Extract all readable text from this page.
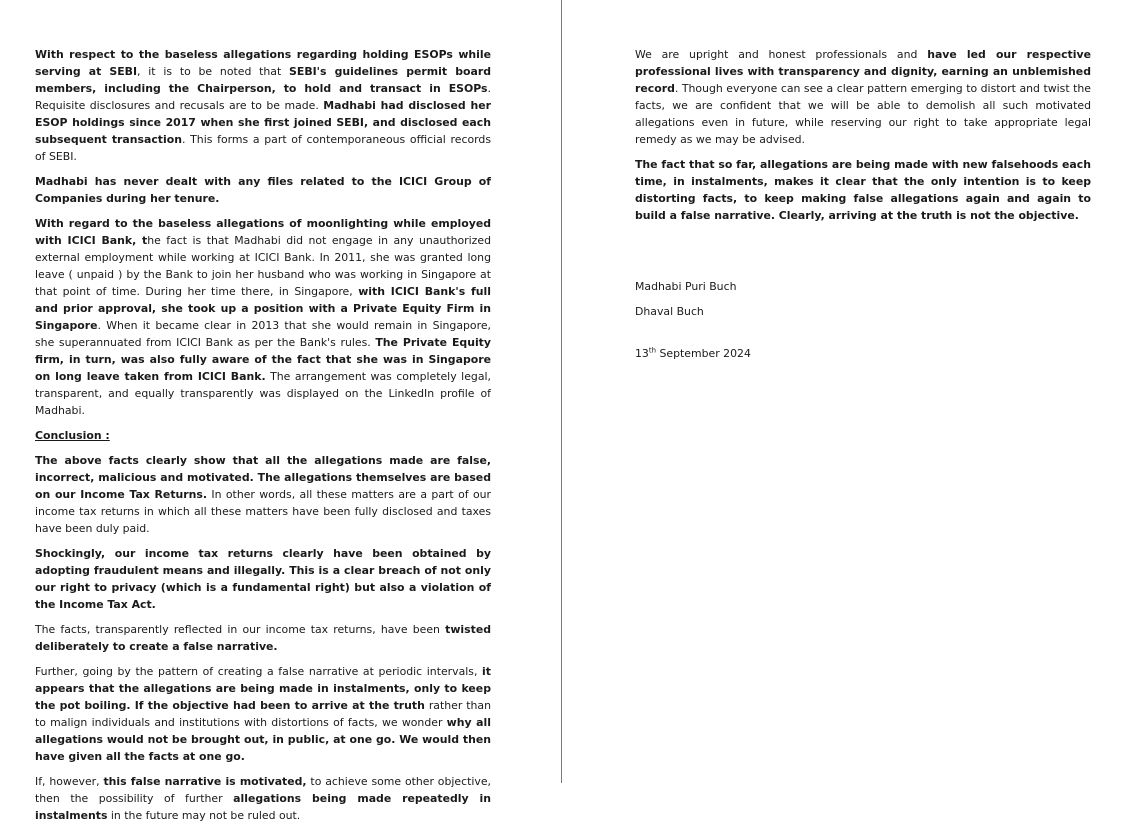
With respect to the baseless allegations regarding holding ESOPs while serving at SEBI, it is to be noted that SEBI's guidelines permit board members, including the Chairperson, to hold and transact in ESOPs. Requisite disclosures and recusals are to be made. Madhabi had disclosed her ESOP holdings since 2017 when she first joined SEBI, and disclosed each subsequent transaction. This forms a part of contemporaneous official records of SEBI.

Madhabi has never dealt with any files related to the ICICI Group of Companies during her tenure.

With regard to the baseless allegations of moonlighting while employed with ICICI Bank, the fact is that Madhabi did not engage in any unauthorized external employment while working at ICICI Bank. In 2011, she was granted long leave ( unpaid ) by the Bank to join her husband who was working in Singapore at that point of time. During her time there, in Singapore, with ICICI Bank's full and prior approval, she took up a position with a Private Equity Firm in Singapore. When it became clear in 2013 that she would remain in Singapore, she superannuated from ICICI Bank as per the Bank's rules. The Private Equity firm, in turn, was also fully aware of the fact that she was in Singapore on long leave taken from ICICI Bank. The arrangement was completely legal, transparent, and equally transparently was displayed on the LinkedIn profile of Madhabi.

Conclusion :

The above facts clearly show that all the allegations made are false, incorrect, malicious and motivated. The allegations themselves are based on our Income Tax Returns. In other words, all these matters are a part of our income tax returns in which all these matters have been fully disclosed and taxes have been duly paid.

Shockingly, our income tax returns clearly have been obtained by adopting fraudulent means and illegally. This is a clear breach of not only our right to privacy (which is a fundamental right) but also a violation of the Income Tax Act.

The facts, transparently reflected in our income tax returns, have been twisted deliberately to create a false narrative.

Further, going by the pattern of creating a false narrative at periodic intervals, it appears that the allegations are being made in instalments, only to keep the pot boiling. If the objective had been to arrive at the truth rather than to malign individuals and institutions with distortions of facts, we wonder why all allegations would not be brought out, in public, at one go. We would then have given all the facts at one go.

If, however, this false narrative is motivated, to achieve some other objective, then the possibility of further allegations being made repeatedly in instalments in the future may not be ruled out.

We are upright and honest professionals and have led our respective professional lives with transparency and dignity, earning an unblemished record. Though everyone can see a clear pattern emerging to distort and twist the facts, we are confident that we will be able to demolish all such motivated allegations even in future, while reserving our right to take appropriate legal remedy as we may be advised.

The fact that so far, allegations are being made with new falsehoods each time, in instalments, makes it clear that the only intention is to keep distorting facts, to keep making false allegations again and again to build a false narrative. Clearly, arriving at the truth is not the objective.

Madhabi Puri Buch

Dhaval Buch

13th September 2024
